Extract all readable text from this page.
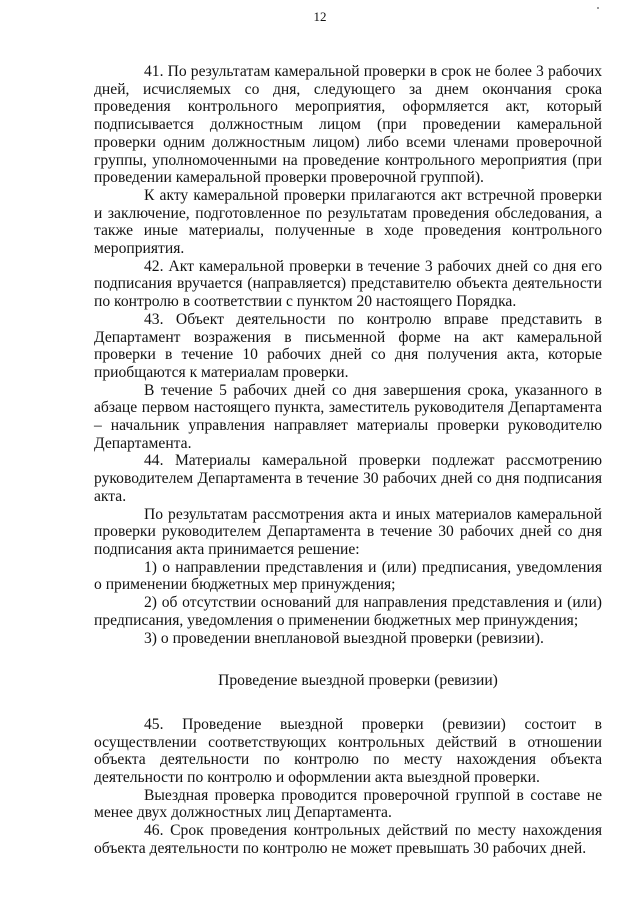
12

41. По результатам камеральной проверки в срок не более 3 рабочих дней, исчисляемых со дня, следующего за днем окончания срока проведения контрольного мероприятия, оформляется акт, который подписывается должностным лицом (при проведении камеральной проверки одним должностным лицом) либо всеми членами проверочной группы, уполномоченными на проведение контрольного мероприятия (при проведении камеральной проверки проверочной группой).

К акту камеральной проверки прилагаются акт встречной проверки и заключение, подготовленное по результатам проведения обследования, а также иные материалы, полученные в ходе проведения контрольного мероприятия.

42. Акт камеральной проверки в течение 3 рабочих дней со дня его подписания вручается (направляется) представителю объекта деятельности по контролю в соответствии с пунктом 20 настоящего Порядка.

43. Объект деятельности по контролю вправе представить в Департамент возражения в письменной форме на акт камеральной проверки в течение 10 рабочих дней со дня получения акта, которые приобщаются к материалам проверки.

В течение 5 рабочих дней со дня завершения срока, указанного в абзаце первом настоящего пункта, заместитель руководителя Департамента – начальник управления направляет материалы проверки руководителю Департамента.

44. Материалы камеральной проверки подлежат рассмотрению руководителем Департамента в течение 30 рабочих дней со дня подписания акта.

По результатам рассмотрения акта и иных материалов камеральной проверки руководителем Департамента в течение 30 рабочих дней со дня подписания акта принимается решение:

1) о направлении представления и (или) предписания, уведомления о применении бюджетных мер принуждения;

2) об отсутствии оснований для направления представления и (или) предписания, уведомления о применении бюджетных мер принуждения;

3) о проведении внеплановой выездной проверки (ревизии).

Проведение выездной проверки (ревизии)

45. Проведение выездной проверки (ревизии) состоит в осуществлении соответствующих контрольных действий в отношении объекта деятельности по контролю по месту нахождения объекта деятельности по контролю и оформлении акта выездной проверки.

Выездная проверка проводится проверочной группой в составе не менее двух должностных лиц Департамента.

46. Срок проведения контрольных действий по месту нахождения объекта деятельности по контролю не может превышать 30 рабочих дней.
